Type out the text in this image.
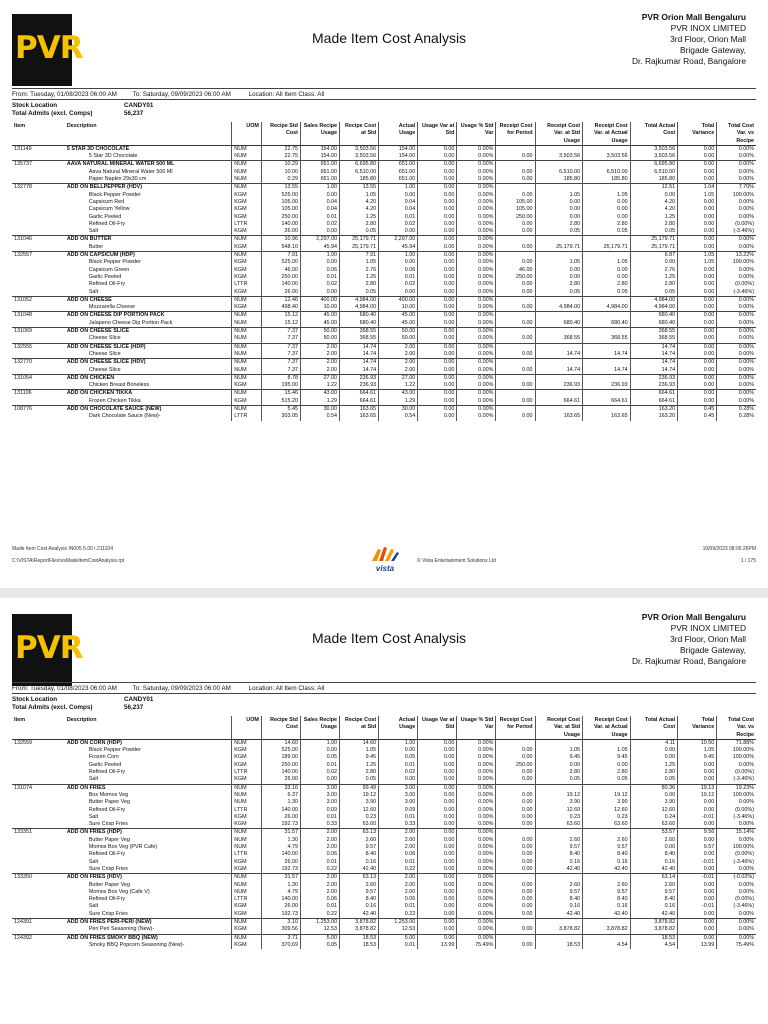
PVR	Made Item Cost Analysis
PVR Orion Mall Bengaluru
PVR INOX LIMITED
3rd Floor, Orion Mall
Brigade Gateway,
Dr. Rajkumar Road, Bangalore
From: Tuesday, 01/08/2023 06:00 AM	To: Saturday, 09/09/2023 06:00 AM	Location: All Item Class: All
Stock Location	CANDY01
Total Admits (excl. Comps)	56,237
Item	Description	UOM	Recipe Std Cost	Sales Recipe Usage	Recipe Cost at Std	Actual Usage	Usage Var at Std	Usage % Std Var	Receipt Cost for Period	Receipt Cost Var. at Std Usage	Receipt Cost Var. at Actual Usage	Total Actual Cost	Total Variance	Total Cost Var. vs Recipe
131149	5 STAR 3D CHOCOLATE	NUM	22.75	154.00	3,503.56	154.00	0.00	0.00%				3,503.56	0.00	0.00%
	5 Star 3D Chocolate	NUM	22.75	154.00	3,503.56	154.00	0.00	0.00%	0.00	3,503.56	3,503.56	3,503.56	0.00	0.00%
135737	AAVA NATURAL MINERAL WATER 500 ML	NUM	10.29	651.00	6,695.80	651.00	0.00	0.00%				6,695.80	0.00	0.00%
	Aava Natural Mineral Water 500 Ml	NUM	10.00	651.00	6,510.00	651.00	0.00	0.00%	0.00	6,510.00	6,510.00	6,510.00	0.00	0.00%
	Paper Napkin 29x30 cm	NUM	0.29	651.00	185.80	651.00	0.00	0.00%	0.00	185.80	185.80	185.80	0.00	0.00%
132778	ADD ON BELLPEPPER (HDV)	NUM	13.55	1.00	13.55	1.00	0.00	0.00%				12.51	1.04	7.70%
	Black Pepper Powder	KGM	525.00	0.00	1.05	0.00	0.00	0.00%	0.00	1.05	1.05	0.00	1.05	100.00%
	Capsicum Red	KGM	105.00	0.04	4.20	0.04	0.00	0.00%	105.00	0.00	0.00	4.20	0.00	0.00%
	Capsicum Yellow	KGM	105.00	0.04	4.20	0.04	0.00	0.00%	105.00	0.00	0.00	4.20	0.00	0.00%
	Garlic Peeled	KGM	250.00	0.01	1.25	0.01	0.00	0.00%	250.00	0.00	0.00	1.25	0.00	0.00%
	Refined Oil-Fry	LTTR	140.00	0.02	2.80	0.02	0.00	0.00%	0.00	2.80	2.80	2.80	0.00	(0.00%)
	Salt	KGM	26.00	0.00	0.05	0.00	0.00	0.00%	0.00	0.05	0.05	0.05	0.00	(-3.46%)
131046	ADD ON BUTTER	NUM	10.96	2,297.00	25,179.71	2,297.00	0.00	0.00%				25,179.71	0.00	0.00%
	Butter	KGM	548.10	45.94	25,179.71	45.94	0.00	0.00%	0.00	25,179.71	25,179.71	25,179.71	0.00	0.00%
132557	ADD ON CAPSICUM (HDP)	NUM	7.91	1.00	7.91	1.00	0.00	0.00%				6.87	1.05	13.22%
	Black Pepper Powder	KGM	525.00	0.00	1.05	0.00	0.00	0.00%	0.00	1.05	1.05	0.00	1.05	100.00%
	Capsicum Green	KGM	46.00	0.06	2.76	0.06	0.00	0.00%	46.00	0.00	0.00	2.76	0.00	0.00%
	Garlic Peeled	KGM	250.00	0.01	1.25	0.01	0.00	0.00%	250.00	0.00	0.00	1.25	0.00	0.00%
	Refined Oil-Fry	LTTR	140.00	0.02	2.80	0.02	0.00	0.00%	0.00	2.80	2.80	2.80	0.00	(0.00%)
	Salt	KGM	26.00	0.00	0.05	0.00	0.00	0.00%	0.00	0.05	0.05	0.05	0.00	(-3.46%)
131052	ADD ON CHEESE	NUM	12.46	400.00	4,984.00	400.00	0.00	0.00%				4,984.00	0.00	0.00%
	Mozzarella Cheese	KGM	498.40	10.00	4,984.00	10.00	0.00	0.00%	0.00	4,984.00	4,984.00	4,984.00	0.00	0.00%
131048	ADD ON CHEESE DIP PORTION PACK	NUM	15.12	45.00	680.40	45.00	0.00	0.00%				680.40	0.00	0.00%
	Jalapeno Cheese Dip Portion Pack	NUM	15.12	45.00	680.40	45.00	0.00	0.00%	0.00	680.40	680.40	680.40	0.00	0.00%
131069	ADD ON CHEESE SLICE	NUM	7.37	50.00	368.55	50.00	0.00	0.00%				368.55	0.00	0.00%
	Cheese Slice	NUM	7.37	50.00	368.55	50.00	0.00	0.00%	0.00	368.55	368.55	368.55	0.00	0.00%
132555	ADD ON CHEESE SLICE (HDP)	NUM	7.37	2.00	14.74	2.00	0.00	0.00%				14.74	0.00	0.00%
	Cheese Slice	NUM	7.37	2.00	14.74	2.00	0.00	0.00%	0.00	14.74	14.74	14.74	0.00	0.00%
132770	ADD ON CHEESE SLICE (HDV)	NUM	7.37	2.00	14.74	2.00	0.00	0.00%				14.74	0.00	0.00%
	Cheese Slice	NUM	7.37	2.00	14.74	2.00	0.00	0.00%	0.00	14.74	14.74	14.74	0.00	0.00%
131054	ADD ON CHICKEN	NUM	8.78	27.00	236.93	27.00	0.00	0.00%				236.93	0.00	0.00%
	Chicken Breast Boneless	KGM	195.00	1.22	236.93	1.22	0.00	0.00%	0.00	236.93	236.93	236.93	0.00	0.00%
131106	ADD ON CHICKEN TIKKA	NUM	15.46	43.00	664.61	43.00	0.00	0.00%				664.61	0.00	0.00%
	Frozen Chicken Tikka	KGM	515.20	1.29	664.61	1.29	0.00	0.00%	0.00	664.61	664.61	664.61	0.00	0.00%
108776	ADD ON CHOCOLATE SAUCE (NEW)	NUM	5.45	30.00	163.65	30.00	0.00	0.00%				163.20	0.45	0.28%
	Dark Chocolate Sauce (New)-	LTTR	303.05	0.54	163.65	0.54	0.00	0.00%	0.00	163.65	163.65	163.20	0.45	0.28%
Made Item Cost Analysis IN005 5.00 r.211104
C:\VISTA\ReportFiles\vsMadeItemCostAnalysis.rpt	© Vista Entertainment Solutions Ltd
10/09/2023 08:05:26PM
1 / 175
vista
PVR	Made Item Cost Analysis
PVR Orion Mall Bengaluru
PVR INOX LIMITED
3rd Floor, Orion Mall
Brigade Gateway,
Dr. Rajkumar Road, Bangalore
From: Tuesday, 01/08/2023 06:00 AM	To: Saturday, 09/09/2023 06:00 AM	Location: All Item Class: All
Stock Location	CANDY01
Total Admits (excl. Comps)	56,237
Item	Description	UOM	Recipe Std Cost	Sales Recipe Usage	Recipe Cost at Std	Actual Usage	Usage Var at Std	Usage % Std Var	Receipt Cost for Period	Receipt Cost Var. at Std Usage	Receipt Cost Var. at Actual Usage	Total Actual Cost	Total Variance	Total Cost Var. vs Recipe
132559	ADD ON CORN (HDP)	NUM	14.60	1.00	14.60	1.00	0.00	0.00%				4.11	10.50	71.88%
	Black Pepper Powder	KGM	525.00	0.00	1.05	0.00	0.00	0.00%	0.00	1.05	1.05	0.00	1.05	100.00%
	Frozen Corn	KGM	189.00	0.05	9.45	0.05	0.00	0.00%	0.00	9.45	9.45	0.00	9.45	100.00%
	Garlic Peeled	KGM	250.00	0.01	1.25	0.01	0.00	0.00%	250.00	0.00	0.00	1.25	0.00	0.00%
	Refined Oil-Fry	LTTR	140.00	0.02	2.80	0.02	0.00	0.00%	0.00	2.80	2.80	2.80	0.00	(0.00%)
	Salt	KGM	26.00	0.00	0.05	0.00	0.00	0.00%	0.00	0.05	0.05	0.05	0.00	(-3.46%)
131074	ADD ON FRIES	NUM	33.16	3.00	99.49	3.00	0.00	0.00%				80.36	19.13	19.23%
	Box Momos Veg	NUM	6.37	3.00	19.12	3.00	0.00	0.00%	0.00	19.12	19.12	0.00	19.12	100.00%
	Butter Paper Veg	NUM	1.30	3.00	3.90	3.00	0.00	0.00%	0.00	3.90	3.90	3.90	0.00	0.00%
	Refined Oil-Fry	LTTR	140.00	0.09	12.60	0.09	0.00	0.00%	0.00	12.60	12.60	12.60	0.00	(0.00%)
	Salt	KGM	26.00	0.01	0.23	0.01	0.00	0.00%	0.00	0.23	0.23	0.24	-0.01	(-3.46%)
	Sure Crisp Fries	KGM	192.73	0.33	63.60	0.33	0.00	0.00%	0.00	63.60	63.60	63.60	0.00	0.00%
133351	ADD ON FRIES (HDP)	NUM	31.57	2.00	63.13	2.00	0.00	0.00%				53.57	9.56	15.14%
	Butter Paper Veg	NUM	1.30	2.00	2.60	2.00	0.00	0.00%	0.00	2.60	2.60	2.60	0.00	0.00%
	Momos Box Veg (PVR Cafe)	NUM	4.79	2.00	9.57	2.00	0.00	0.00%	0.00	9.57	9.57	0.00	9.57	100.00%
	Refined Oil-Fry	LTTR	140.00	0.06	8.40	0.06	0.00	0.00%	0.00	8.40	8.40	8.40	0.00	(0.00%)
	Salt	KGM	26.00	0.01	0.16	0.01	0.00	0.00%	0.00	0.16	0.16	0.16	-0.01	(-3.46%)
	Sure Crisp Fries	KGM	192.73	0.22	42.40	0.22	0.00	0.00%	0.00	42.40	42.40	42.40	0.00	0.00%
133350	ADD ON FRIES (HDV)	NUM	31.57	2.00	63.13	2.00	0.00	0.00%				63.14	-0.01	(-0.02%)
	Butter Paper Veg	NUM	1.30	2.00	2.60	2.00	0.00	0.00%	0.00	2.60	2.60	2.60	0.00	0.00%
	Momos Box Veg (Cafe V)	NUM	4.79	2.00	9.57	2.00	0.00	0.00%	0.00	9.57	9.57	9.57	0.00	0.00%
	Refined Oil-Fry	LTTR	140.00	0.06	8.40	0.06	0.00	0.00%	0.00	8.40	8.40	8.40	0.00	(0.00%)
	Salt	KGM	26.00	0.01	0.16	0.01	0.00	0.00%	0.00	0.16	0.16	0.16	-0.01	(-3.46%)
	Sure Crisp Fries	KGM	192.73	0.22	42.40	0.22	0.00	0.00%	0.00	42.40	42.40	42.40	0.00	0.00%
124391	ADD ON FRIES PERI-PERI (NEW)	NUM	3.10	1,253.00	3,878.82	1,253.00	0.00	0.00%				3,878.82	0.00	0.00%
	Peri Peri Seasoning (New)-	KGM	309.56	12.53	3,878.82	12.53	0.00	0.00%	0.00	3,878.82	3,878.82	3,878.82	0.00	0.00%
124392	ADD ON FRIES SMOKY BBQ (NEW)	NUM	3.71	5.00	18.53	5.00	0.00	0.00%				18.53	0.00	0.00%
	Smoky BBQ Popcorn Seasoning (New)-	KGM	370.69	0.05	18.53	0.01	13.99	75.49%	0.00	18.53	4.54	4.54	13.99	75.49%
